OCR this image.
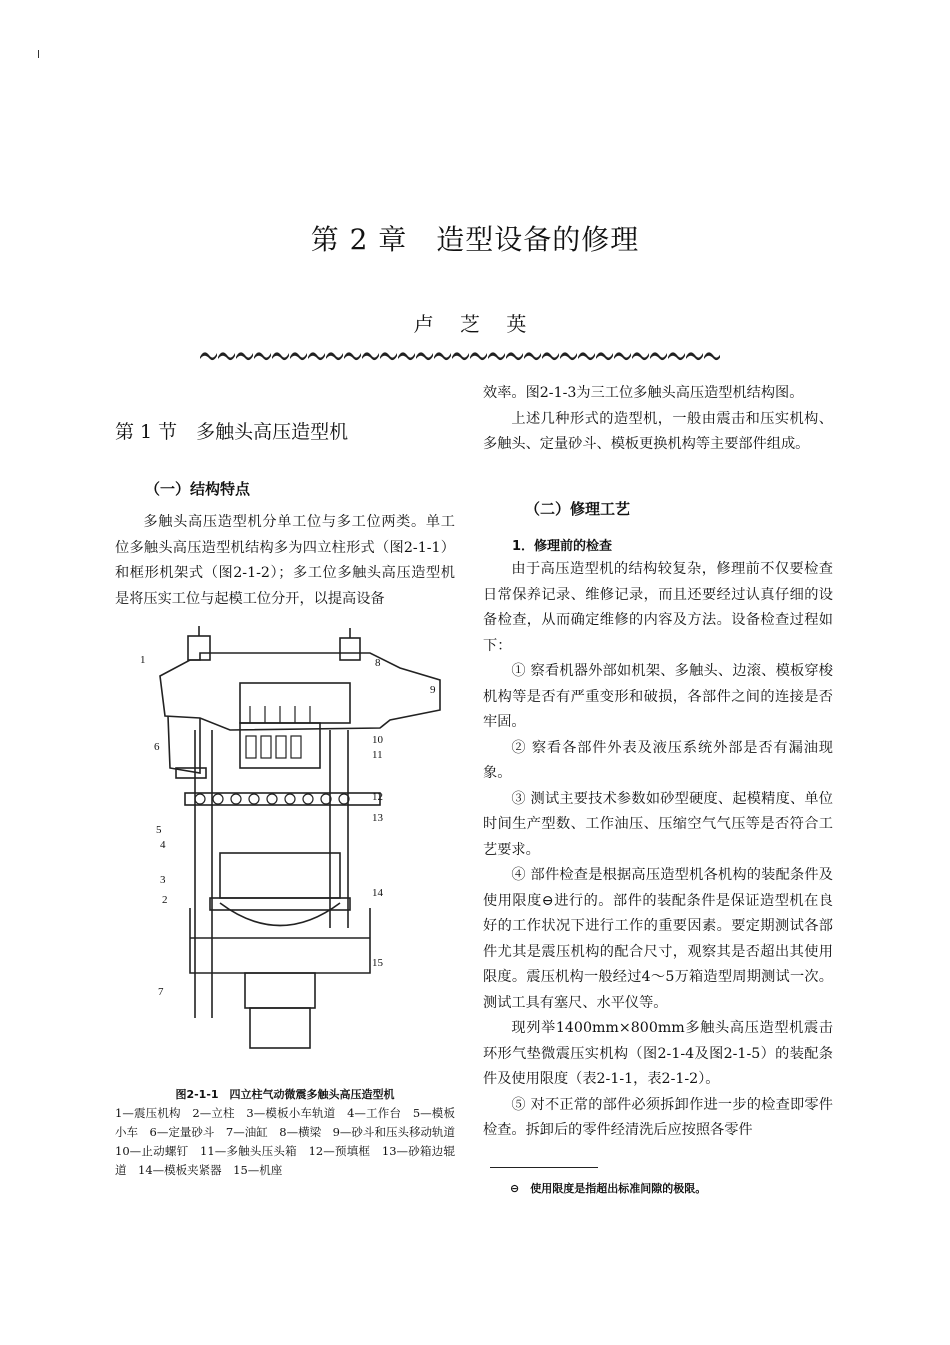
第 2 章　造型设备的修理
卢 芝 英
第 1 节　多触头高压造型机
（一）结构特点

多触头高压造型机分单工位与多工位两类。单工位多触头高压造型机结构多为四立柱形式（图2-1-1）和框形机架式（图2-1-2）；多工位多触头高压造型机是将压实工位与起模工位分开，以提高设备

1
2
3
4
5
6
7
8
9
10
11
12
13
14
15
图2-1-1　四立柱气动微震多触头高压造型机
1—震压机构　2—立柱　3—模板小车轨道　4—工作台　5—模板小车　6—定量砂斗　7—油缸　8—横梁　9—砂斗和压头移动轨道　10—止动螺钉　11—多触头压头箱　12—预填框　13—砂箱边辊道　14—模板夹紧器　15—机座

效率。图2-1-3为三工位多触头高压造型机结构图。

上述几种形式的造型机，一般由震击和压实机构、多触头、定量砂斗、模板更换机构等主要部件组成。

（二）修理工艺
1．修理前的检查

由于高压造型机的结构较复杂，修理前不仅要检查日常保养记录、维修记录，而且还要经过认真仔细的设备检查，从而确定维修的内容及方法。设备检查过程如下：

① 察看机器外部如机架、多触头、边滚、模板穿梭机构等是否有严重变形和破损，各部件之间的连接是否牢固。

② 察看各部件外表及液压系统外部是否有漏油现象。

③ 测试主要技术参数如砂型硬度、起模精度、单位时间生产型数、工作油压、压缩空气气压等是否符合工艺要求。

④ 部件检查是根据高压造型机各机构的装配条件及使用限度⊖进行的。部件的装配条件是保证造型机在良好的工作状况下进行工作的重要因素。要定期测试各部件尤其是震压机构的配合尺寸，观察其是否超出其使用限度。震压机构一般经过4～5万箱造型周期测试一次。测试工具有塞尺、水平仪等。

现列举1400mm×800mm多触头高压造型机震击环形气垫微震压实机构（图2-1-4及图2-1-5）的装配条件及使用限度（表2-1-1，表2-1-2）。

⑤ 对不正常的部件必须拆卸作进一步的检查即零件检查。拆卸后的零件经清洗后应按照各零件

⊖　使用限度是指超出标准间隙的极限。
